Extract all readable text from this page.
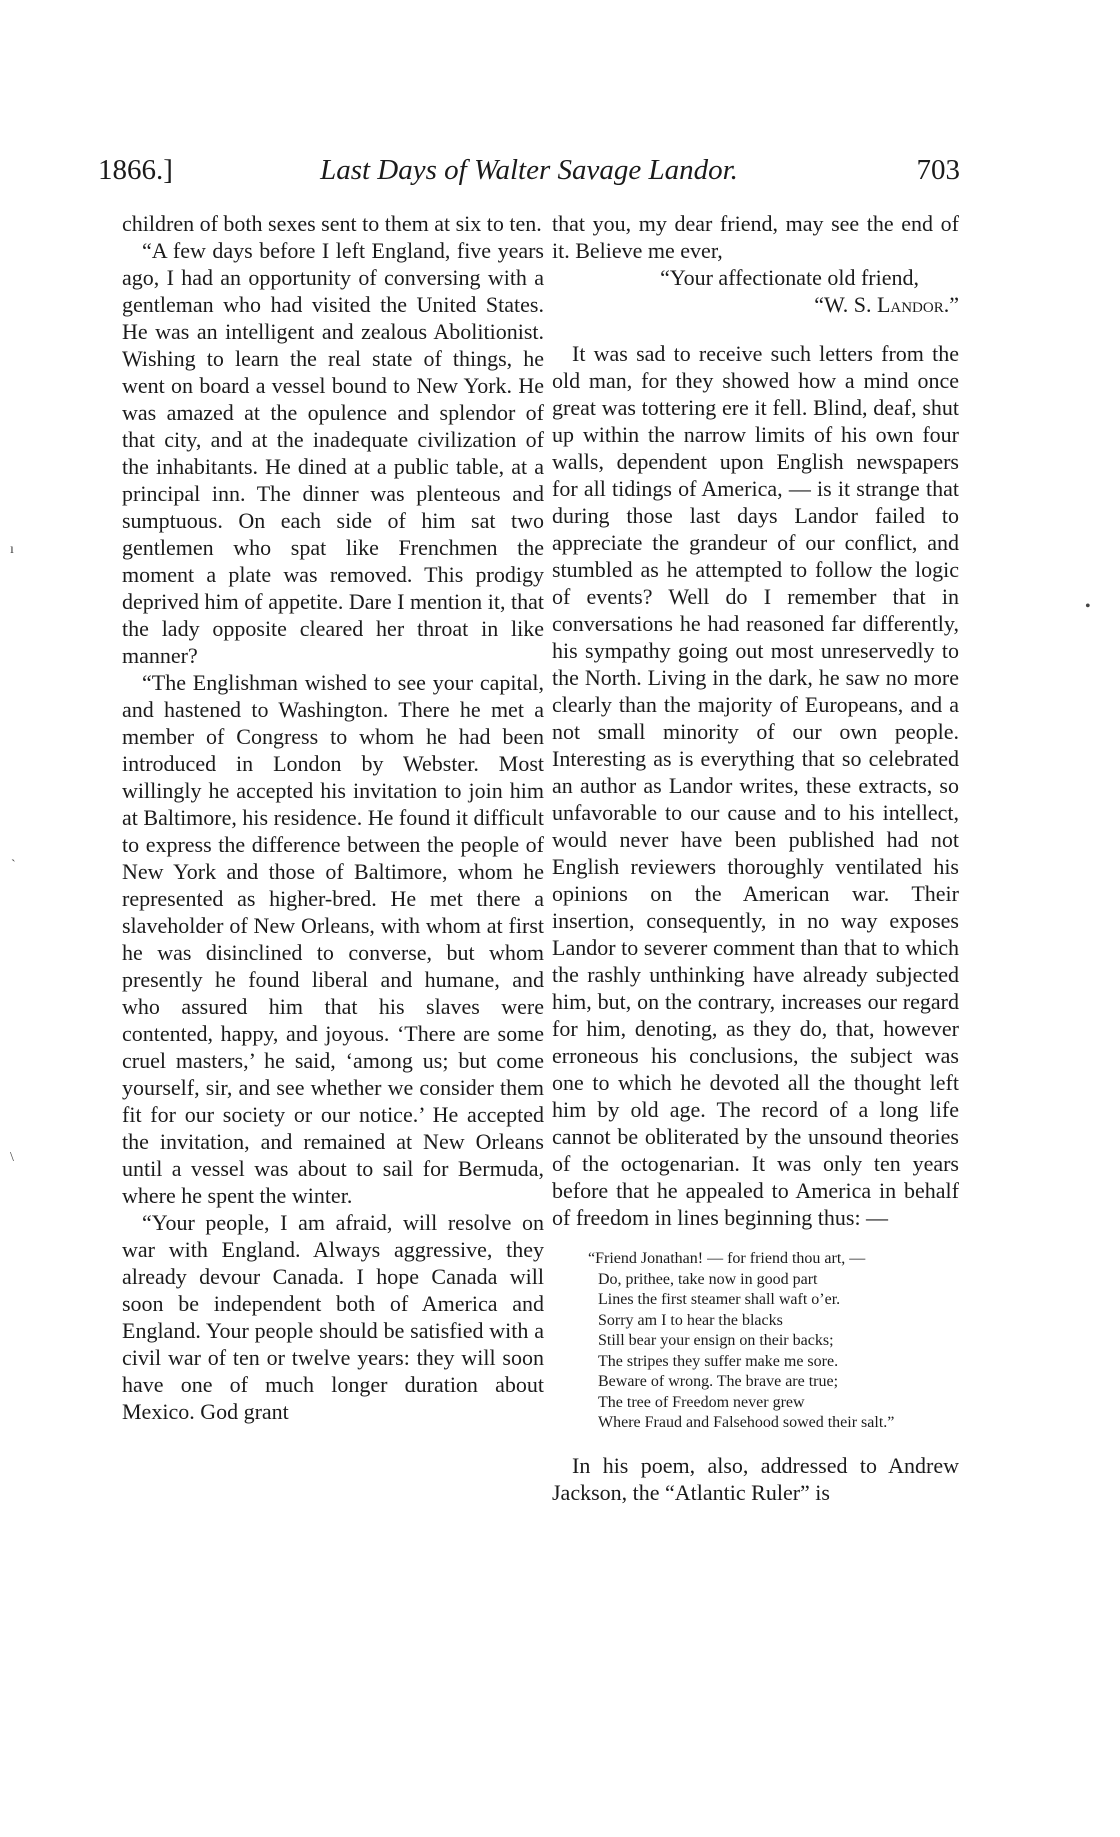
1866.]	Last Days of Walter Savage Landor.	703

children of both sexes sent to them at six to ten.

“A few days before I left England, five years ago, I had an opportunity of conversing with a gentleman who had visited the United States. He was an intelligent and zealous Abolitionist. Wishing to learn the real state of things, he went on board a vessel bound to New York. He was amazed at the opulence and splendor of that city, and at the inadequate civilization of the inhabitants. He dined at a public table, at a principal inn. The dinner was plenteous and sumptuous. On each side of him sat two gentlemen who spat like Frenchmen the moment a plate was removed. This prodigy deprived him of appetite. Dare I mention it, that the lady opposite cleared her throat in like manner?

“The Englishman wished to see your capital, and hastened to Washington. There he met a member of Congress to whom he had been introduced in London by Webster. Most willingly he accepted his invitation to join him at Baltimore, his residence. He found it difficult to express the difference between the people of New York and those of Baltimore, whom he represented as higher-bred. He met there a slaveholder of New Orleans, with whom at first he was disinclined to converse, but whom presently he found liberal and humane, and who assured him that his slaves were contented, happy, and joyous. ‘There are some cruel masters,’ he said, ‘among us; but come yourself, sir, and see whether we consider them fit for our society or our notice.’ He accepted the invitation, and remained at New Orleans until a vessel was about to sail for Bermuda, where he spent the winter.

“Your people, I am afraid, will resolve on war with England. Always aggressive, they already devour Canada. I hope Canada will soon be independent both of America and England. Your people should be satisfied with a civil war of ten or twelve years: they will soon have one of much longer duration about Mexico. God grant

that you, my dear friend, may see the end of it. Believe me ever,

“Your affectionate old friend,
“W. S. Landor.”

It was sad to receive such letters from the old man, for they showed how a mind once great was tottering ere it fell. Blind, deaf, shut up within the narrow limits of his own four walls, dependent upon English newspapers for all tidings of America, — is it strange that during those last days Landor failed to appreciate the grandeur of our conflict, and stumbled as he attempted to follow the logic of events? Well do I remember that in conversations he had reasoned far differently, his sympathy going out most unreservedly to the North. Living in the dark, he saw no more clearly than the majority of Europeans, and a not small minority of our own people. Interesting as is everything that so celebrated an author as Landor writes, these extracts, so unfavorable to our cause and to his intellect, would never have been published had not English reviewers thoroughly ventilated his opinions on the American war. Their insertion, consequently, in no way exposes Landor to severer comment than that to which the rashly unthinking have already subjected him, but, on the contrary, increases our regard for him, denoting, as they do, that, however erroneous his conclusions, the subject was one to which he devoted all the thought left him by old age. The record of a long life cannot be obliterated by the unsound theories of the octogenarian. It was only ten years before that he appealed to America in behalf of freedom in lines beginning thus: —

“Friend Jonathan! — for friend thou art, —
Do, prithee, take now in good part
Lines the first steamer shall waft o’er.
Sorry am I to hear the blacks
Still bear your ensign on their backs;
The stripes they suffer make me sore.
Beware of wrong. The brave are true;
The tree of Freedom never grew
Where Fraud and Falsehood sowed their salt.”

In his poem, also, addressed to Andrew Jackson, the “Atlantic Ruler” is

ı
`
•
\
